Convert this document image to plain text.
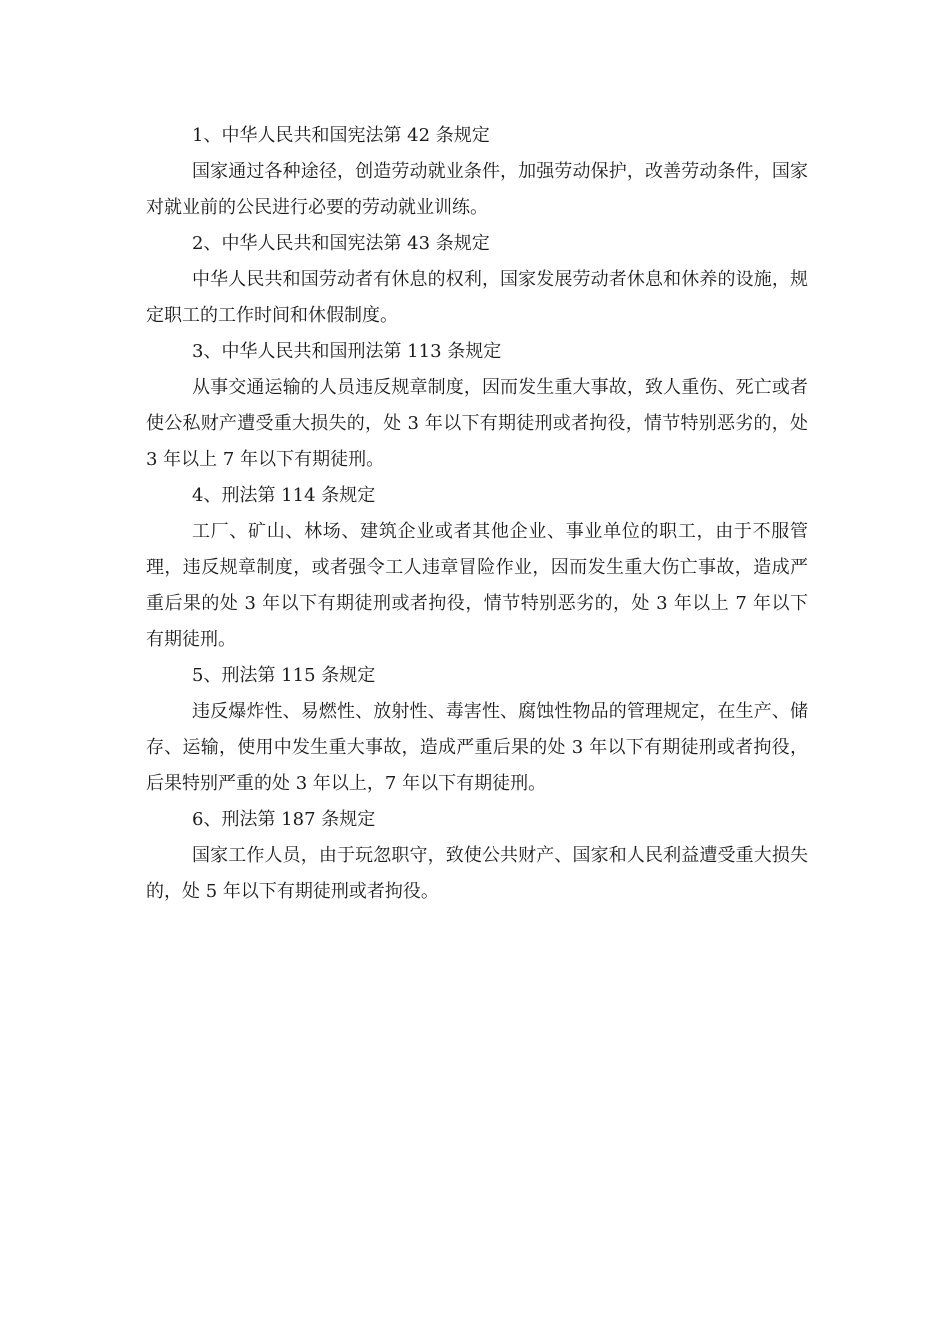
1、中华人民共和国宪法第 42 条规定

国家通过各种途径，创造劳动就业条件，加强劳动保护，改善劳动条件，国家对就业前的公民进行必要的劳动就业训练。

2、中华人民共和国宪法第 43 条规定

中华人民共和国劳动者有休息的权利，国家发展劳动者休息和休养的设施，规定职工的工作时间和休假制度。

3、中华人民共和国刑法第 113 条规定

从事交通运输的人员违反规章制度，因而发生重大事故，致人重伤、死亡或者使公私财产遭受重大损失的，处 3 年以下有期徒刑或者拘役，情节特别恶劣的，处 3 年以上 7 年以下有期徒刑。

4、刑法第 114 条规定

工厂、矿山、林场、建筑企业或者其他企业、事业单位的职工，由于不服管理，违反规章制度，或者强令工人违章冒险作业，因而发生重大伤亡事故，造成严重后果的处 3 年以下有期徒刑或者拘役，情节特别恶劣的，处 3 年以上 7 年以下有期徒刑。

5、刑法第 115 条规定

违反爆炸性、易燃性、放射性、毒害性、腐蚀性物品的管理规定，在生产、储存、运输，使用中发生重大事故，造成严重后果的处 3 年以下有期徒刑或者拘役，后果特别严重的处 3 年以上，7 年以下有期徒刑。

6、刑法第 187 条规定

国家工作人员，由于玩忽职守，致使公共财产、国家和人民利益遭受重大损失的，处 5 年以下有期徒刑或者拘役。
